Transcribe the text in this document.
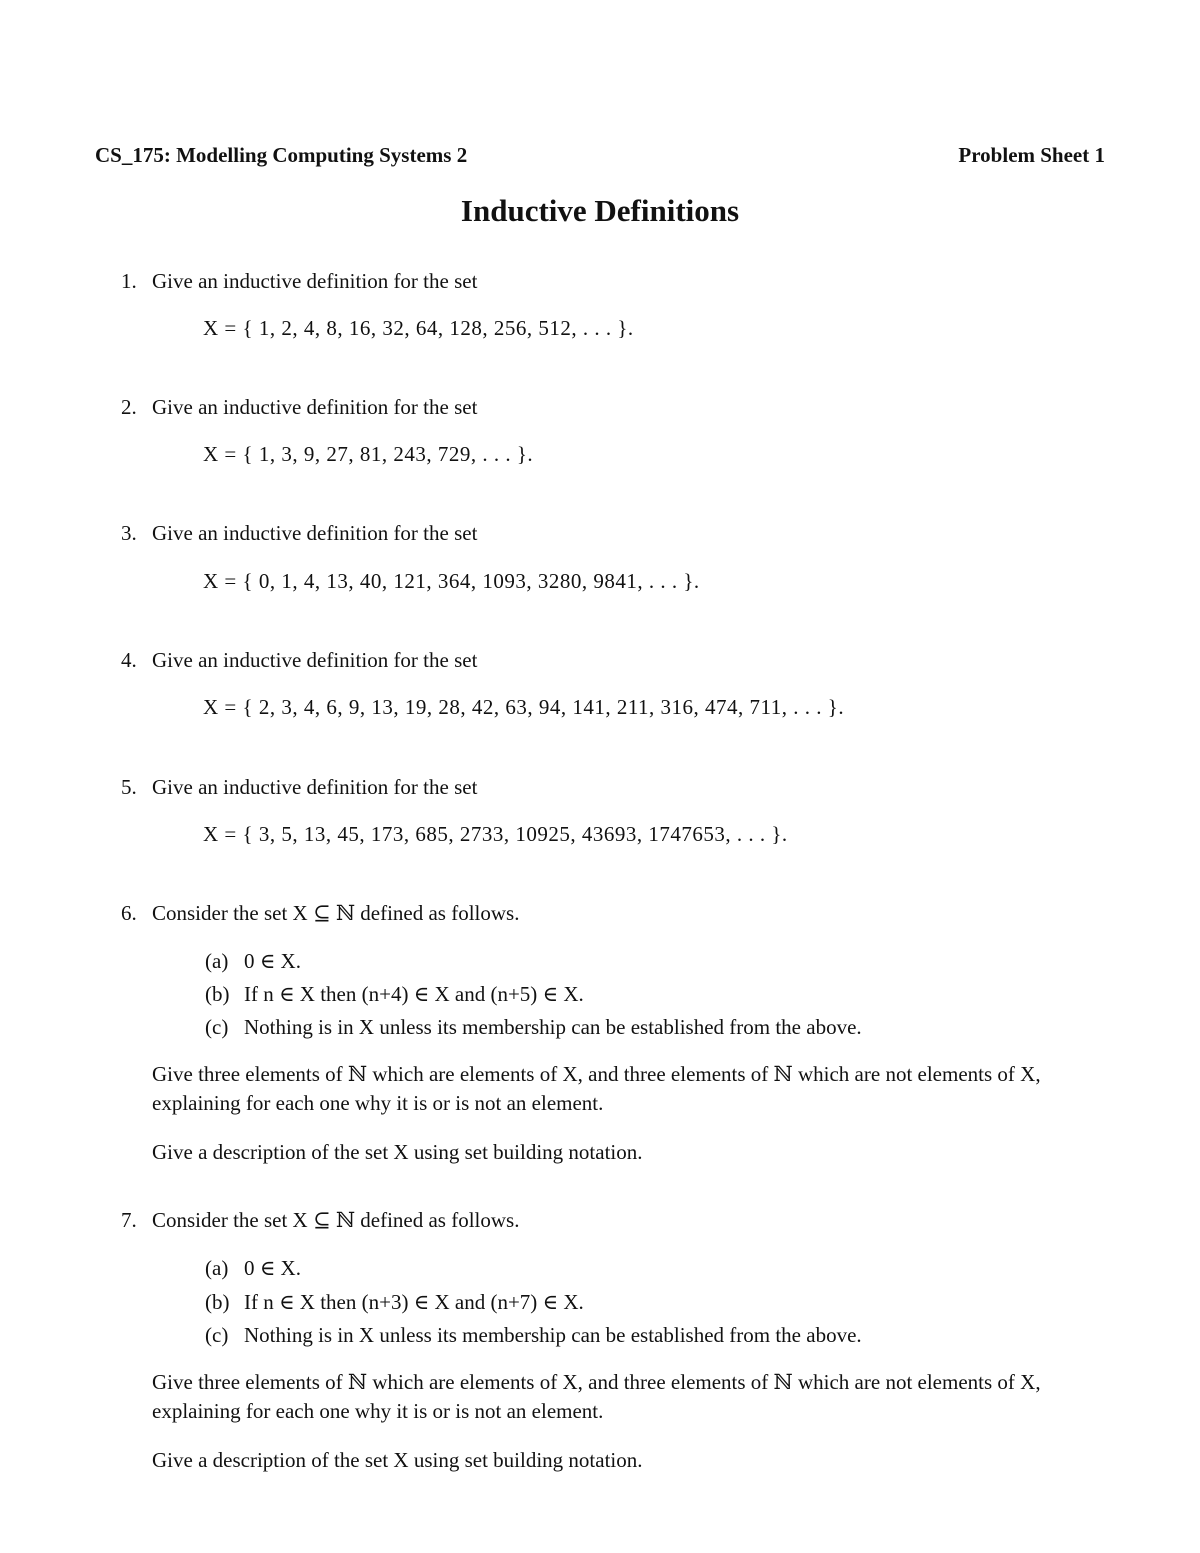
CS_175: Modelling Computing Systems 2	Problem Sheet 1
Inductive Definitions
1. Give an inductive definition for the set
X = { 1, 2, 4, 8, 16, 32, 64, 128, 256, 512, . . . }.
2. Give an inductive definition for the set
X = { 1, 3, 9, 27, 81, 243, 729, . . . }.
3. Give an inductive definition for the set
X = { 0, 1, 4, 13, 40, 121, 364, 1093, 3280, 9841, . . . }.
4. Give an inductive definition for the set
X = { 2, 3, 4, 6, 9, 13, 19, 28, 42, 63, 94, 141, 211, 316, 474, 711, . . . }.
5. Give an inductive definition for the set
X = { 3, 5, 13, 45, 173, 685, 2733, 10925, 43693, 1747653, . . . }.
6. Consider the set X ⊆ ℕ defined as follows.
(a) 0 ∈ X.
(b) If n ∈ X then (n+4) ∈ X and (n+5) ∈ X.
(c) Nothing is in X unless its membership can be established from the above.
Give three elements of ℕ which are elements of X, and three elements of ℕ which are not elements of X, explaining for each one why it is or is not an element.
Give a description of the set X using set building notation.
7. Consider the set X ⊆ ℕ defined as follows.
(a) 0 ∈ X.
(b) If n ∈ X then (n+3) ∈ X and (n+7) ∈ X.
(c) Nothing is in X unless its membership can be established from the above.
Give three elements of ℕ which are elements of X, and three elements of ℕ which are not elements of X, explaining for each one why it is or is not an element.
Give a description of the set X using set building notation.
